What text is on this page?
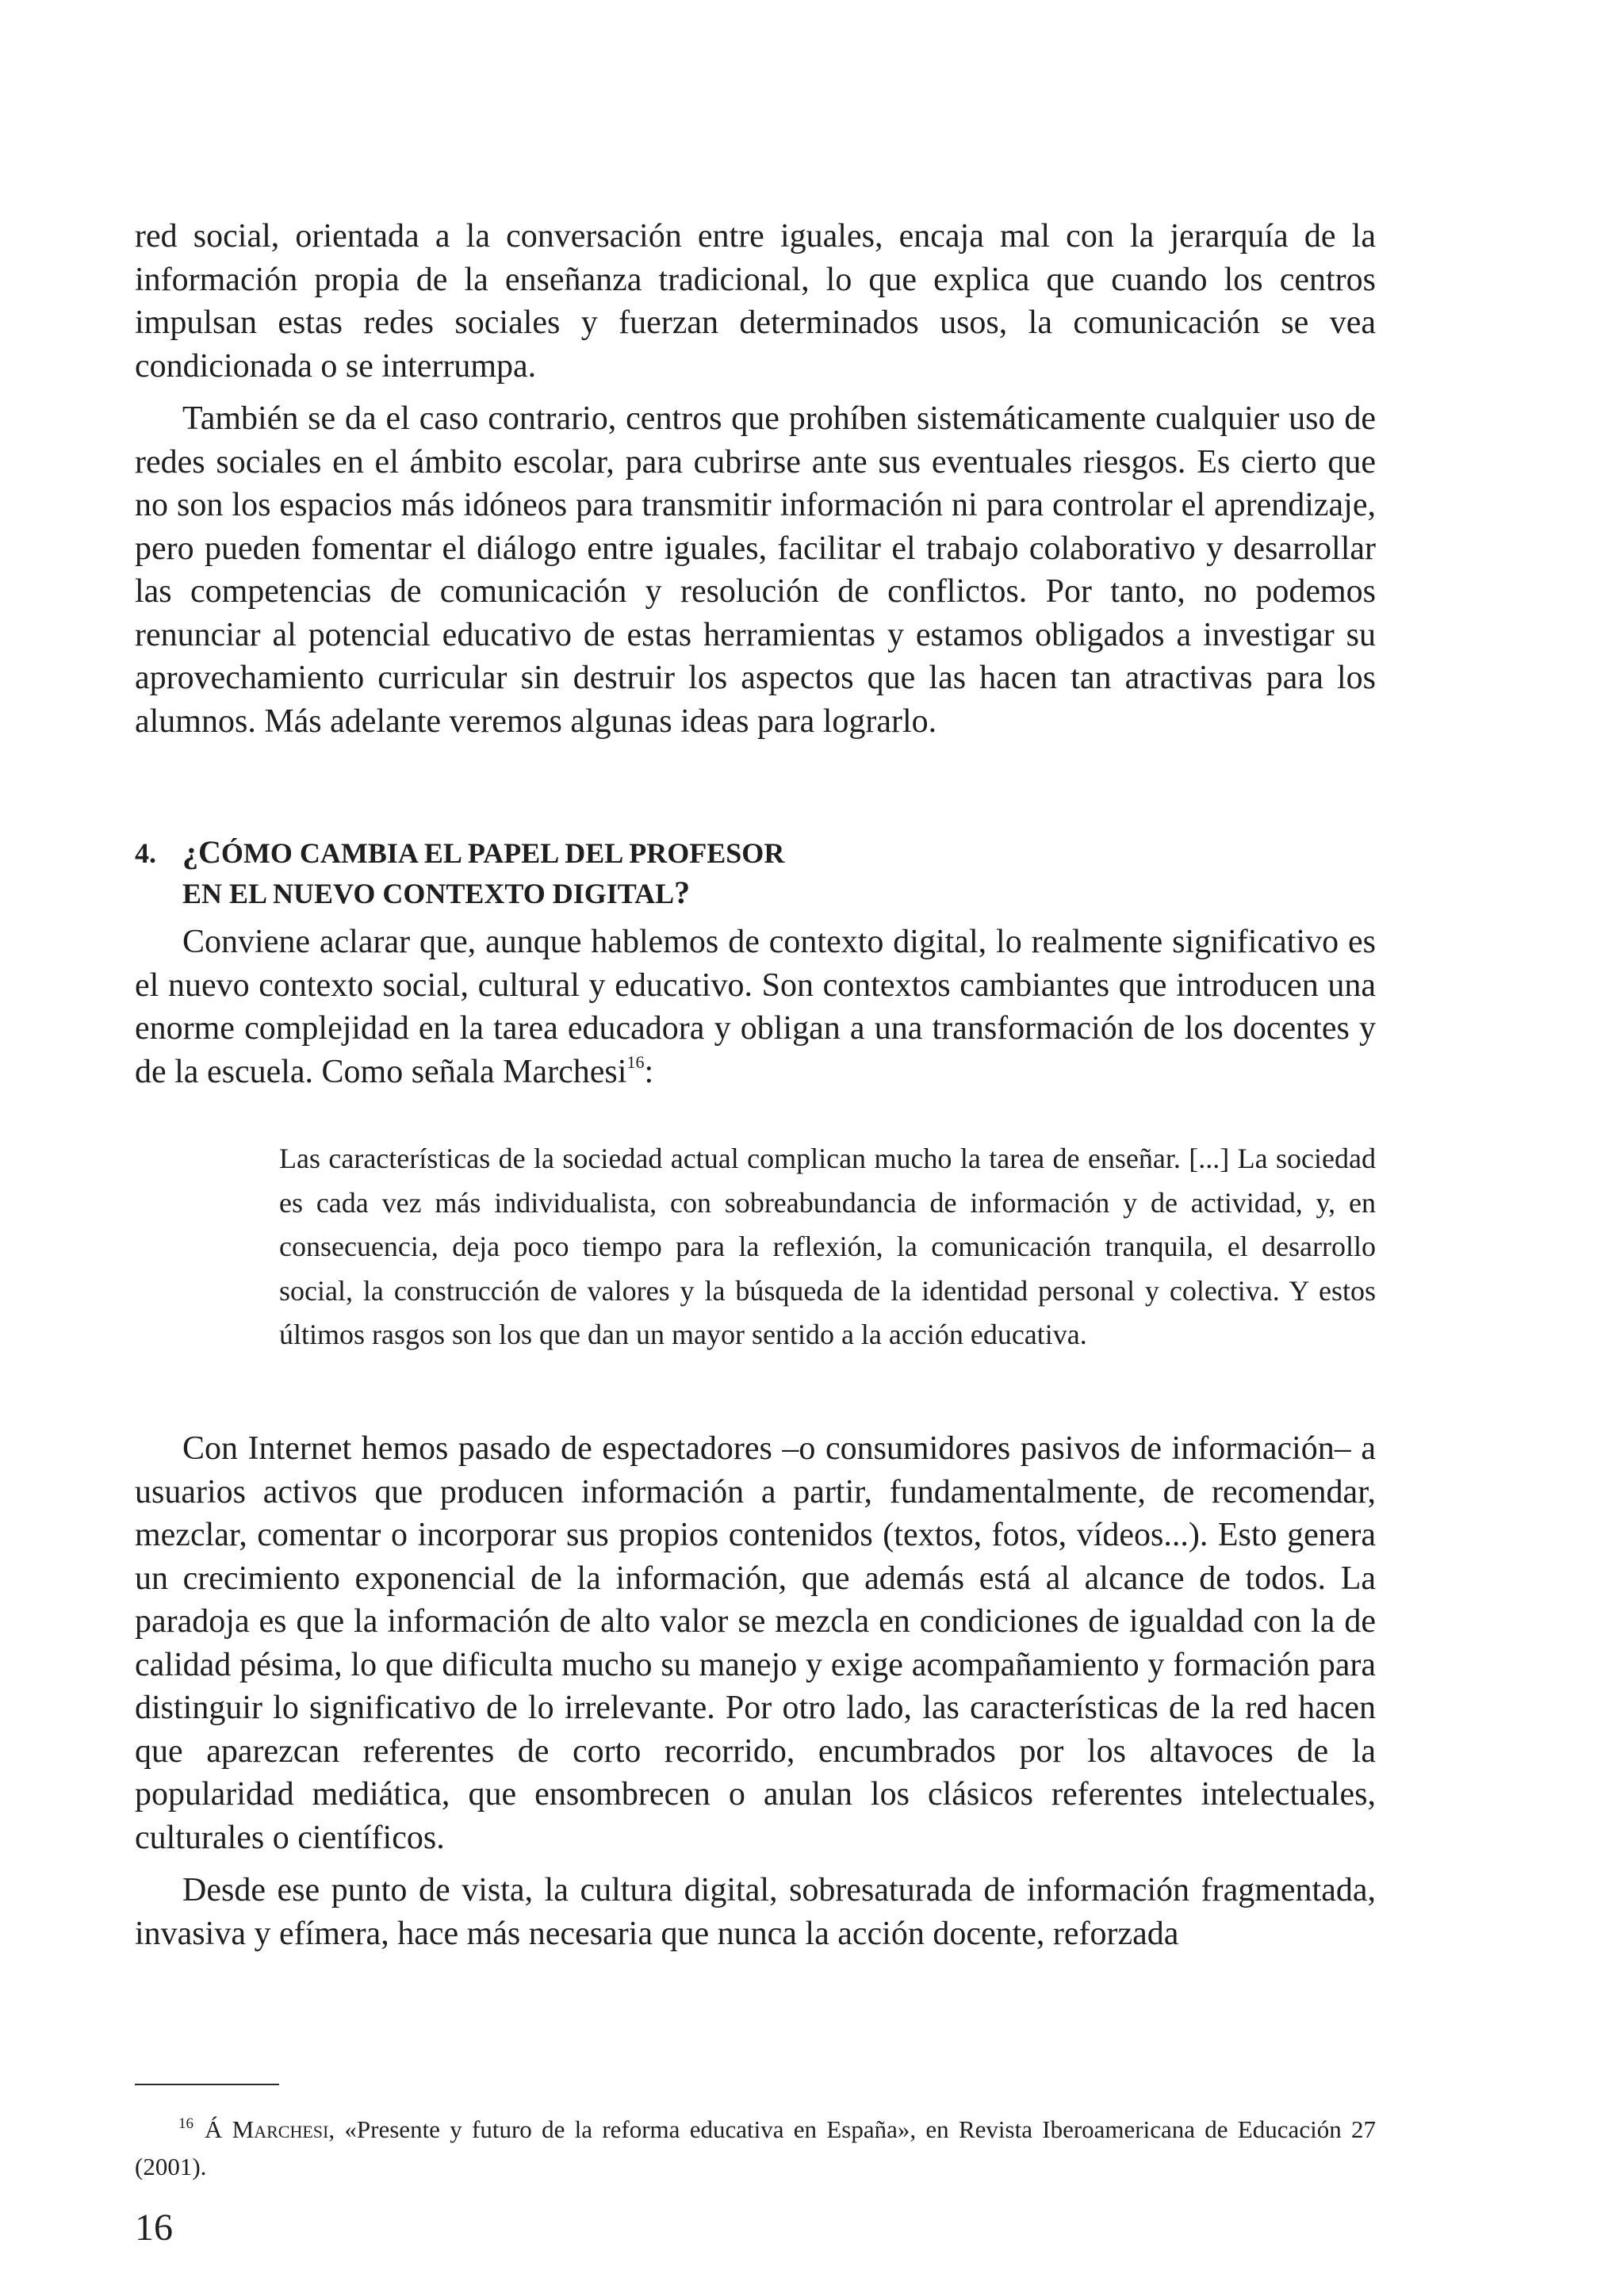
red social, orientada a la conversación entre iguales, encaja mal con la jerarquía de la información propia de la enseñanza tradicional, lo que explica que cuando los centros impulsan estas redes sociales y fuerzan determinados usos, la comunicación se vea condicionada o se interrumpa.

También se da el caso contrario, centros que prohíben sistemáticamente cualquier uso de redes sociales en el ámbito escolar, para cubrirse ante sus eventuales riesgos. Es cierto que no son los espacios más idóneos para transmitir información ni para controlar el aprendizaje, pero pueden fomentar el diálogo entre iguales, facilitar el trabajo colaborativo y desarrollar las competencias de comunicación y resolución de conflictos. Por tanto, no podemos renunciar al potencial educativo de estas herramientas y estamos obligados a investigar su aprovechamiento curricular sin destruir los aspectos que las hacen tan atractivas para los alumnos. Más adelante veremos algunas ideas para lograrlo.

4. ¿CÓMO CAMBIA EL PAPEL DEL PROFESOR
EN EL NUEVO CONTEXTO DIGITAL?

Conviene aclarar que, aunque hablemos de contexto digital, lo realmente significativo es el nuevo contexto social, cultural y educativo. Son contextos cambiantes que introducen una enorme complejidad en la tarea educadora y obligan a una transformación de los docentes y de la escuela. Como señala Marchesi$^{16}$:

Las características de la sociedad actual complican mucho la tarea de enseñar. [...] La sociedad es cada vez más individualista, con sobreabundancia de información y de actividad, y, en consecuencia, deja poco tiempo para la reflexión, la comunicación tranquila, el desarrollo social, la construcción de valores y la búsqueda de la identidad personal y colectiva. Y estos últimos rasgos son los que dan un mayor sentido a la acción educativa.

Con Internet hemos pasado de espectadores –o consumidores pasivos de información– a usuarios activos que producen información a partir, fundamentalmente, de recomendar, mezclar, comentar o incorporar sus propios contenidos (textos, fotos, vídeos...). Esto genera un crecimiento exponencial de la información, que además está al alcance de todos. La paradoja es que la información de alto valor se mezcla en condiciones de igualdad con la de calidad pésima, lo que dificulta mucho su manejo y exige acompañamiento y formación para distinguir lo significativo de lo irrelevante. Por otro lado, las características de la red hacen que aparezcan referentes de corto recorrido, encumbrados por los altavoces de la popularidad mediática, que ensombrecen o anulan los clásicos referentes intelectuales, culturales o científicos.

Desde ese punto de vista, la cultura digital, sobresaturada de información fragmentada, invasiva y efímera, hace más necesaria que nunca la acción docente, reforzada

$^{16}$ Á Marchesi, «Presente y futuro de la reforma educativa en España», en Revista Iberoamericana de Educación 27 (2001).

16
